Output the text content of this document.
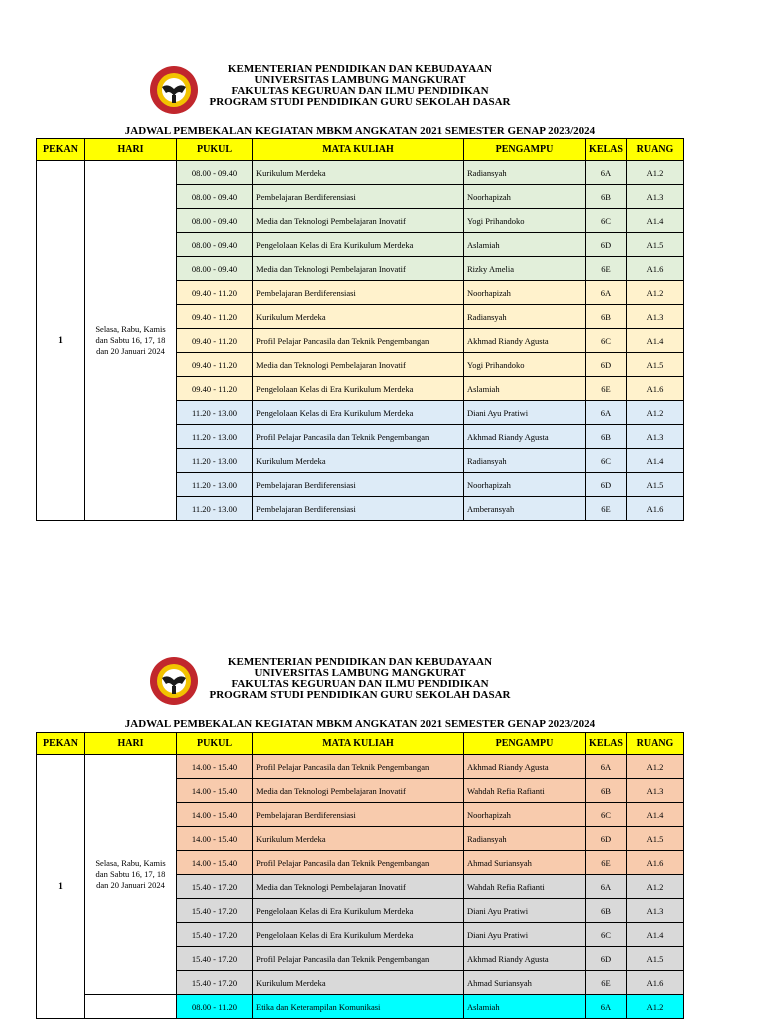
KEMENTERIAN PENDIDIKAN DAN KEBUDAYAAN
UNIVERSITAS LAMBUNG MANGKURAT
FAKULTAS KEGURUAN DAN ILMU PENDIDIKAN
PROGRAM STUDI PENDIDIKAN GURU SEKOLAH DASAR
JADWAL PEMBEKALAN KEGIATAN MBKM ANGKATAN 2021 SEMESTER GENAP 2023/2024
PEKAN	HARI	PUKUL	MATA KULIAH	PENGAMPU	KELAS	RUANG
1	Selasa, Rabu, Kamis dan Sabtu 16, 17, 18 dan 20 Januari 2024	08.00 - 09.40	Kurikulum Merdeka	Radiansyah	6A	A1.2
		08.00 - 09.40	Pembelajaran Berdiferensiasi	Noorhapizah	6B	A1.3
		08.00 - 09.40	Media dan Teknologi Pembelajaran Inovatif	Yogi Prihandoko	6C	A1.4
		08.00 - 09.40	Pengelolaan Kelas di Era Kurikulum Merdeka	Aslamiah	6D	A1.5
		08.00 - 09.40	Media dan Teknologi Pembelajaran Inovatif	Rizky Amelia	6E	A1.6
		09.40 - 11.20	Pembelajaran Berdiferensiasi	Noorhapizah	6A	A1.2
		09.40 - 11.20	Kurikulum Merdeka	Radiansyah	6B	A1.3
		09.40 - 11.20	Profil Pelajar Pancasila dan Teknik Pengembangan	Akhmad Riandy Agusta	6C	A1.4
		09.40 - 11.20	Media dan Teknologi Pembelajaran Inovatif	Yogi Prihandoko	6D	A1.5
		09.40 - 11.20	Pengelolaan Kelas di Era Kurikulum Merdeka	Aslamiah	6E	A1.6
		11.20 - 13.00	Pengelolaan Kelas di Era Kurikulum Merdeka	Diani Ayu Pratiwi	6A	A1.2
		11.20 - 13.00	Profil Pelajar Pancasila dan Teknik Pengembangan	Akhmad Riandy Agusta	6B	A1.3
		11.20 - 13.00	Kurikulum Merdeka	Radiansyah	6C	A1.4
		11.20 - 13.00	Pembelajaran Berdiferensiasi	Noorhapizah	6D	A1.5
		11.20 - 13.00	Pembelajaran Berdiferensiasi	Amberansyah	6E	A1.6
KEMENTERIAN PENDIDIKAN DAN KEBUDAYAAN
UNIVERSITAS LAMBUNG MANGKURAT
FAKULTAS KEGURUAN DAN ILMU PENDIDIKAN
PROGRAM STUDI PENDIDIKAN GURU SEKOLAH DASAR
JADWAL PEMBEKALAN KEGIATAN MBKM ANGKATAN 2021 SEMESTER GENAP 2023/2024
PEKAN	HARI	PUKUL	MATA KULIAH	PENGAMPU	KELAS	RUANG
1	Selasa, Rabu, Kamis dan Sabtu 16, 17, 18 dan 20 Januari 2024	14.00 - 15.40	Profil Pelajar Pancasila dan Teknik Pengembangan	Akhmad Riandy Agusta	6A	A1.2
		14.00 - 15.40	Media dan Teknologi Pembelajaran Inovatif	Wahdah Refia Rafianti	6B	A1.3
		14.00 - 15.40	Pembelajaran Berdiferensiasi	Noorhapizah	6C	A1.4
		14.00 - 15.40	Kurikulum Merdeka	Radiansyah	6D	A1.5
		14.00 - 15.40	Profil Pelajar Pancasila dan Teknik Pengembangan	Ahmad Suriansyah	6E	A1.6
		15.40 - 17.20	Media dan Teknologi Pembelajaran Inovatif	Wahdah Refia Rafianti	6A	A1.2
		15.40 - 17.20	Pengelolaan Kelas di Era Kurikulum Merdeka	Diani Ayu Pratiwi	6B	A1.3
		15.40 - 17.20	Pengelolaan Kelas di Era Kurikulum Merdeka	Diani Ayu Pratiwi	6C	A1.4
		15.40 - 17.20	Profil Pelajar Pancasila dan Teknik Pengembangan	Akhmad Riandy Agusta	6D	A1.5
		15.40 - 17.20	Kurikulum Merdeka	Ahmad Suriansyah	6E	A1.6
		08.00 - 11.20	Etika dan Keterampilan Komunikasi	Aslamiah	6A	A1.2
